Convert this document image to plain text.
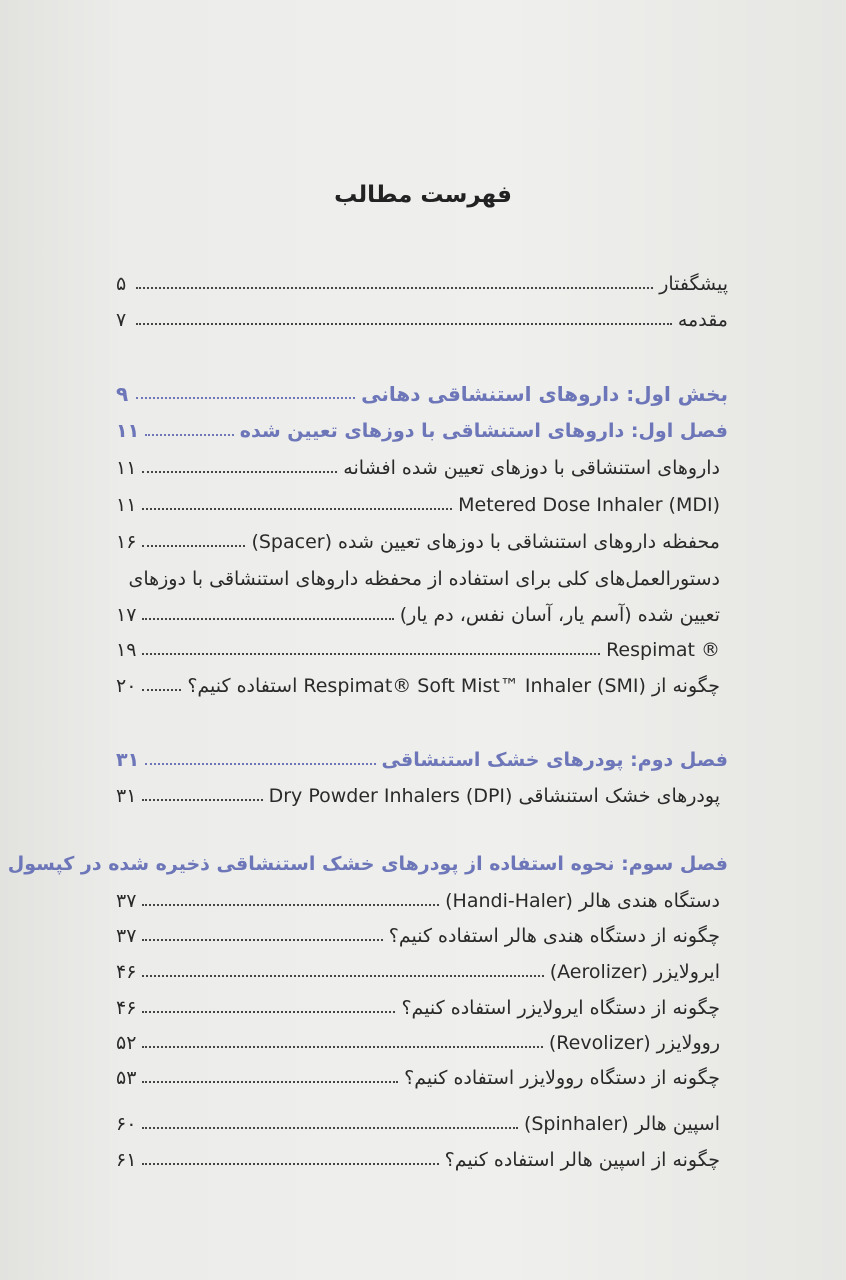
فهرست مطالب
پیشگفتار
۵
مقدمه
۷
بخش اول: داروهای استنشاقی دهانی
۹
فصل اول: داروهای استنشاقی با دوزهای تعیین شده
۱۱
داروهای استنشاقی با دوزهای تعیین شده افشانه
۱۱
Metered Dose Inhaler (MDI)
۱۱
محفظه داروهای استنشاقی با دوزهای تعیین شده (Spacer)
۱۶
دستورالعمل‌های کلی برای استفاده از محفظه داروهای استنشاقی با دوزهای
تعیین شده (آسم یار، آسان نفس، دم یار)
۱۷
Respimat ®
۱۹
چگونه از Respimat® Soft Mist™ Inhaler (SMI) استفاده کنیم؟
۲۰
فصل دوم: پودرهای خشک استنشاقی
۳۱
پودرهای خشک استنشاقی Dry Powder Inhalers (DPI)
۳۱
فصل سوم: نحوه استفاده از پودرهای خشک استنشاقی ذخیره شده در کپسول
دستگاه هندی هالر (Handi-Haler)
۳۷
چگونه از دستگاه هندی هالر استفاده کنیم؟
۳۷
ایرولایزر (Aerolizer)
۴۶
چگونه از دستگاه ایرولایزر استفاده کنیم؟
۴۶
روولایزر (Revolizer)
۵۲
چگونه از دستگاه روولایزر استفاده کنیم؟
۵۳
اسپین هالر (Spinhaler)
۶۰
چگونه از اسپین هالر استفاده کنیم؟
۶۱
